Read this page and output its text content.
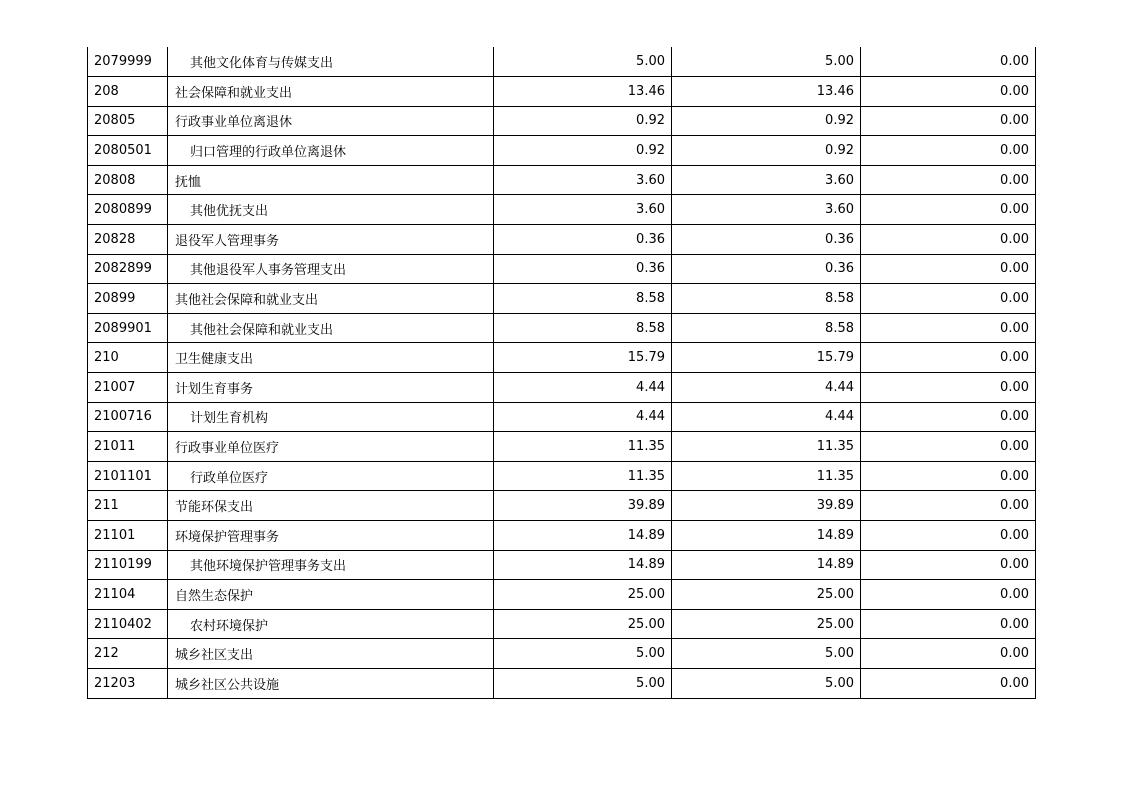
2079999	其他文化体育与传媒支出	5.00	5.00	0.00
208	社会保障和就业支出	13.46	13.46	0.00
20805	行政事业单位离退休	0.92	0.92	0.00
2080501	归口管理的行政单位离退休	0.92	0.92	0.00
20808	抚恤	3.60	3.60	0.00
2080899	其他优抚支出	3.60	3.60	0.00
20828	退役军人管理事务	0.36	0.36	0.00
2082899	其他退役军人事务管理支出	0.36	0.36	0.00
20899	其他社会保障和就业支出	8.58	8.58	0.00
2089901	其他社会保障和就业支出	8.58	8.58	0.00
210	卫生健康支出	15.79	15.79	0.00
21007	计划生育事务	4.44	4.44	0.00
2100716	计划生育机构	4.44	4.44	0.00
21011	行政事业单位医疗	11.35	11.35	0.00
2101101	行政单位医疗	11.35	11.35	0.00
211	节能环保支出	39.89	39.89	0.00
21101	环境保护管理事务	14.89	14.89	0.00
2110199	其他环境保护管理事务支出	14.89	14.89	0.00
21104	自然生态保护	25.00	25.00	0.00
2110402	农村环境保护	25.00	25.00	0.00
212	城乡社区支出	5.00	5.00	0.00
21203	城乡社区公共设施	5.00	5.00	0.00
